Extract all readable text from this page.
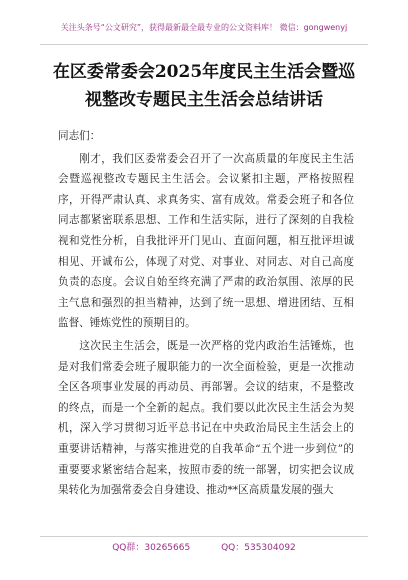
关注头条号“公文研究”，获得最新最全最专业的公文资料库！ 微信：gongwenyj
在区委常委会2025年度民主生活会暨巡
视整改专题民主生活会总结讲话

同志们：

刚才，我们区委常委会召开了一次高质量的年度民主生活会暨巡视整改专题民主生活会。会议紧扣主题，严格按照程序，开得严肃认真、求真务实、富有成效。常委会班子和各位同志都紧密联系思想、工作和生活实际，进行了深刻的自我检视和党性分析，自我批评开门见山、直面问题，相互批评坦诚相见、开诚布公，体现了对党、对事业、对同志、对自己高度负责的态度。会议自始至终充满了严肃的政治氛围、浓厚的民主气息和强烈的担当精神，达到了统一思想、增进团结、互相监督、锤炼党性的预期目的。

这次民主生活会，既是一次严格的党内政治生活锤炼，也是对我们常委会班子履职能力的一次全面检验，更是一次推动全区各项事业发展的再动员、再部署。会议的结束，不是整改的终点，而是一个全新的起点。我们要以此次民主生活会为契机，深入学习贯彻习近平总书记在中央政治局民主生活会上的重要讲话精神，与落实推进党的自我革命“五个进一步到位”的重要要求紧密结合起来，按照市委的统一部署，切实把会议成果转化为加强常委会自身建设、推动**区高质量发展的强大

QQ群：30265665	QQ：535304092
